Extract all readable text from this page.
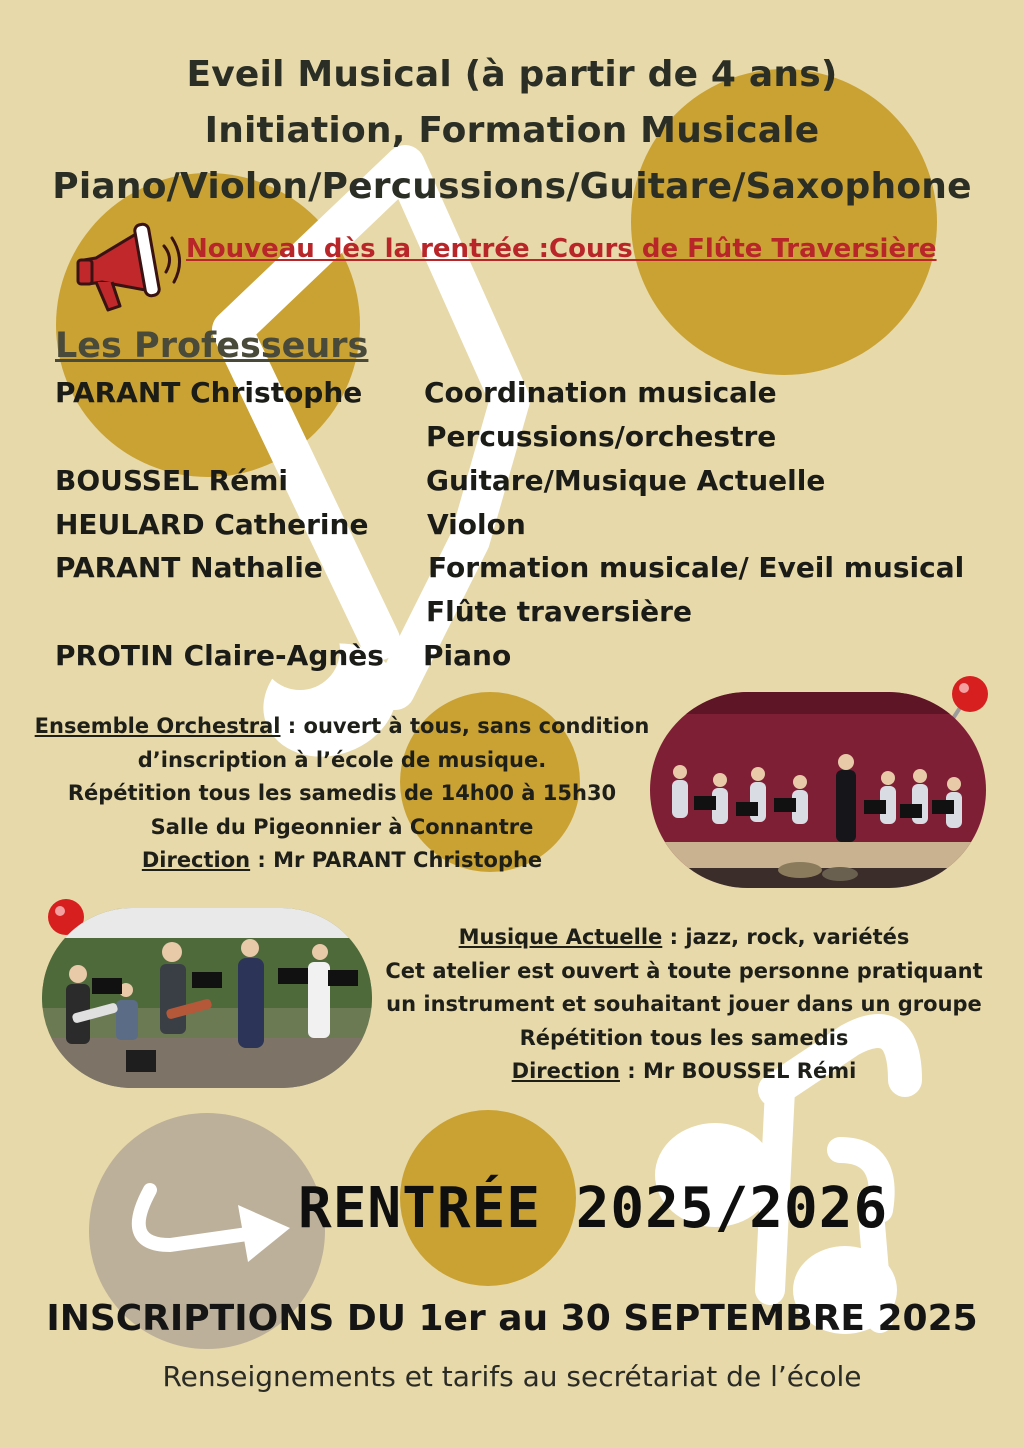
Eveil Musical (à partir de 4 ans)
Initiation, Formation Musicale
Piano/Violon/Percussions/Guitare/Saxophone
Nouveau dès la rentrée :Cours de Flûte Traversière
Les Professeurs
PARANT Christophe Coordination musicale
Percussions/orchestre
BOUSSEL Rémi	Guitare/Musique Actuelle
HEULARD Catherine Violon
PARANT Nathalie	Formation musicale/ Eveil musical
Flûte traversière
PROTIN Claire-Agnès Piano
Ensemble Orchestral : ouvert à tous, sans condition
d’inscription à l’école de musique.
Répétition tous les samedis de 14h00 à 15h30
Salle du Pigeonnier à Connantre
Direction : Mr PARANT Christophe
Musique Actuelle : jazz, rock, variétés
Cet atelier est ouvert à toute personne pratiquant
un instrument et souhaitant jouer dans un groupe
Répétition tous les samedis
Direction : Mr BOUSSEL Rémi
RENTRÉE 2025/2026
INSCRIPTIONS DU 1er au 30 SEPTEMBRE 2025
Renseignements et tarifs au secrétariat de l’école
